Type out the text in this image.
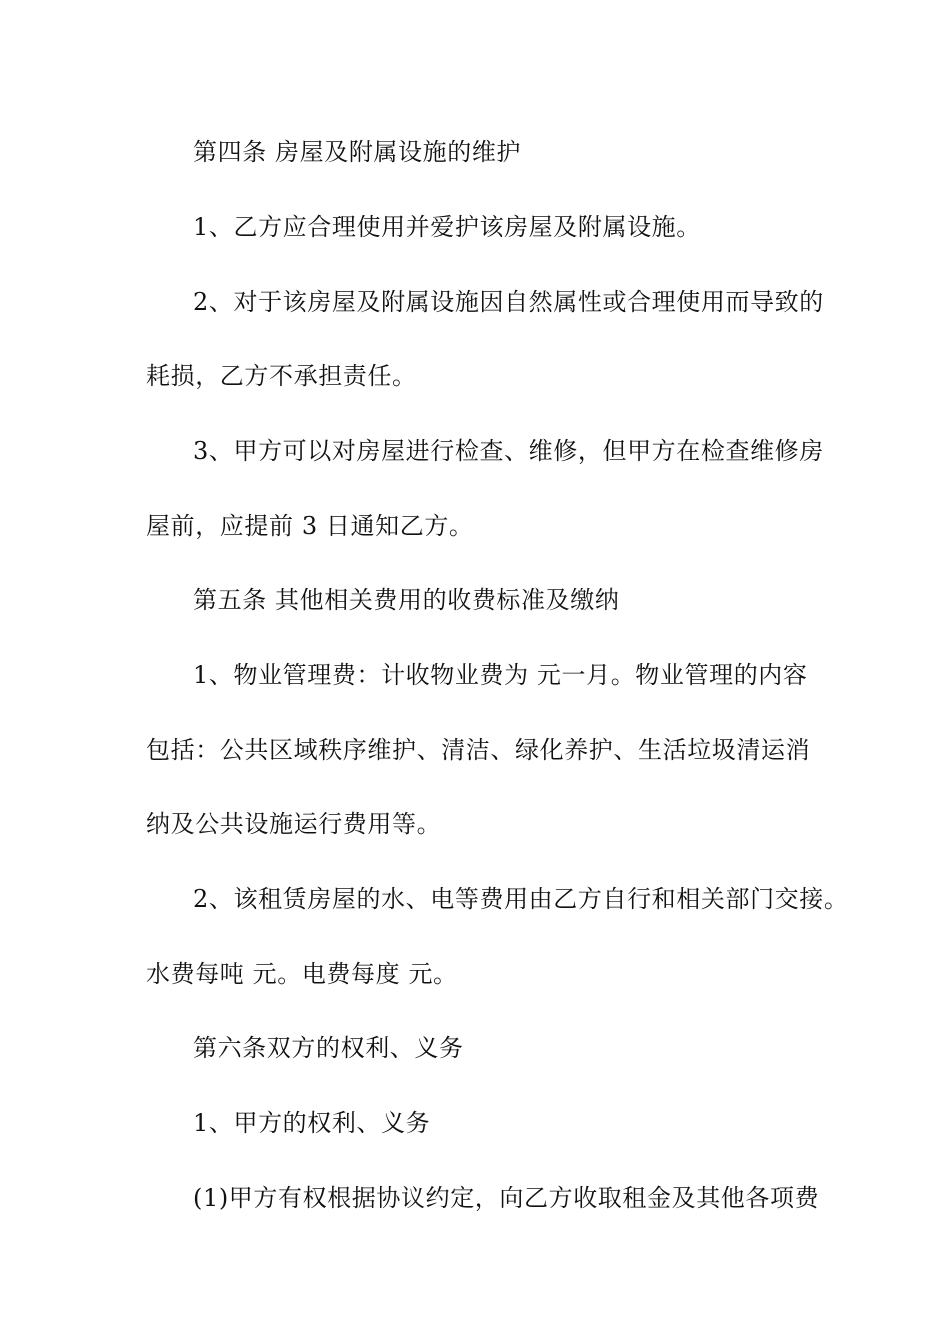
第四条 房屋及附属设施的维护

1、乙方应合理使用并爱护该房屋及附属设施。

2、对于该房屋及附属设施因自然属性或合理使用而导致的

耗损，乙方不承担责任。

3、甲方可以对房屋进行检查、维修，但甲方在检查维修房

屋前，应提前 3 日通知乙方。

第五条 其他相关费用的收费标准及缴纳

1、物业管理费：计收物业费为 元一月。物业管理的内容

包括：公共区域秩序维护、清洁、绿化养护、生活垃圾清运消

纳及公共设施运行费用等。

2、该租赁房屋的水、电等费用由乙方自行和相关部门交接。

水费每吨 元。电费每度 元。

第六条双方的权利、义务

1、甲方的权利、义务

(1)甲方有权根据协议约定，向乙方收取租金及其他各项费
